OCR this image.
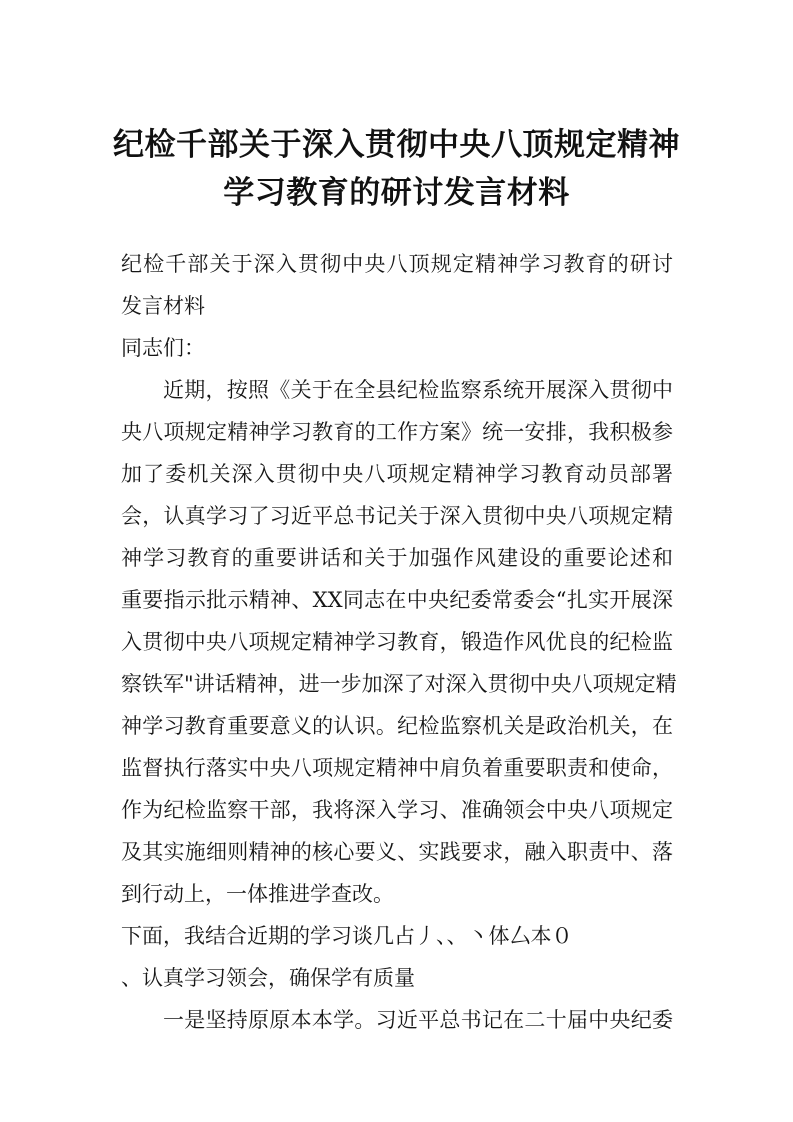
纪检千部关于深入贯彻中央八顶规定精神
学习教育的研讨发言材料
纪检千部关于深入贯彻中央八顶规定精神学习教育的研讨
发言材料
同志们：
近期，按照《关于在全县纪检监察系统开展深入贯彻中
央八项规定精神学习教育的工作方案》统一安排，我积极参
加了委机关深入贯彻中央八项规定精神学习教育动员部署
会，认真学习了习近平总书记关于深入贯彻中央八项规定精
神学习教育的重要讲话和关于加强作风建设的重要论述和
重要指示批示精神、XX同志在中央纪委常委会“扎实开展深
入贯彻中央八项规定精神学习教育，锻造作风优良的纪检监
察铁军"讲话精神，进一步加深了对深入贯彻中央八项规定精
神学习教育重要意义的认识。纪检监察机关是政治机关，在
监督执行落实中央八项规定精神中肩负着重要职责和使命，
作为纪检监察干部，我将深入学习、准确领会中央八项规定
及其实施细则精神的核心要义、实践要求，融入职责中、落
到行动上，一体推进学查改。
下面，我结合近期的学习谈几占丿、、丶体厶本０
、认真学习领会，确保学有质量
一是坚持原原本本学。习近平总书记在二十届中央纪委
